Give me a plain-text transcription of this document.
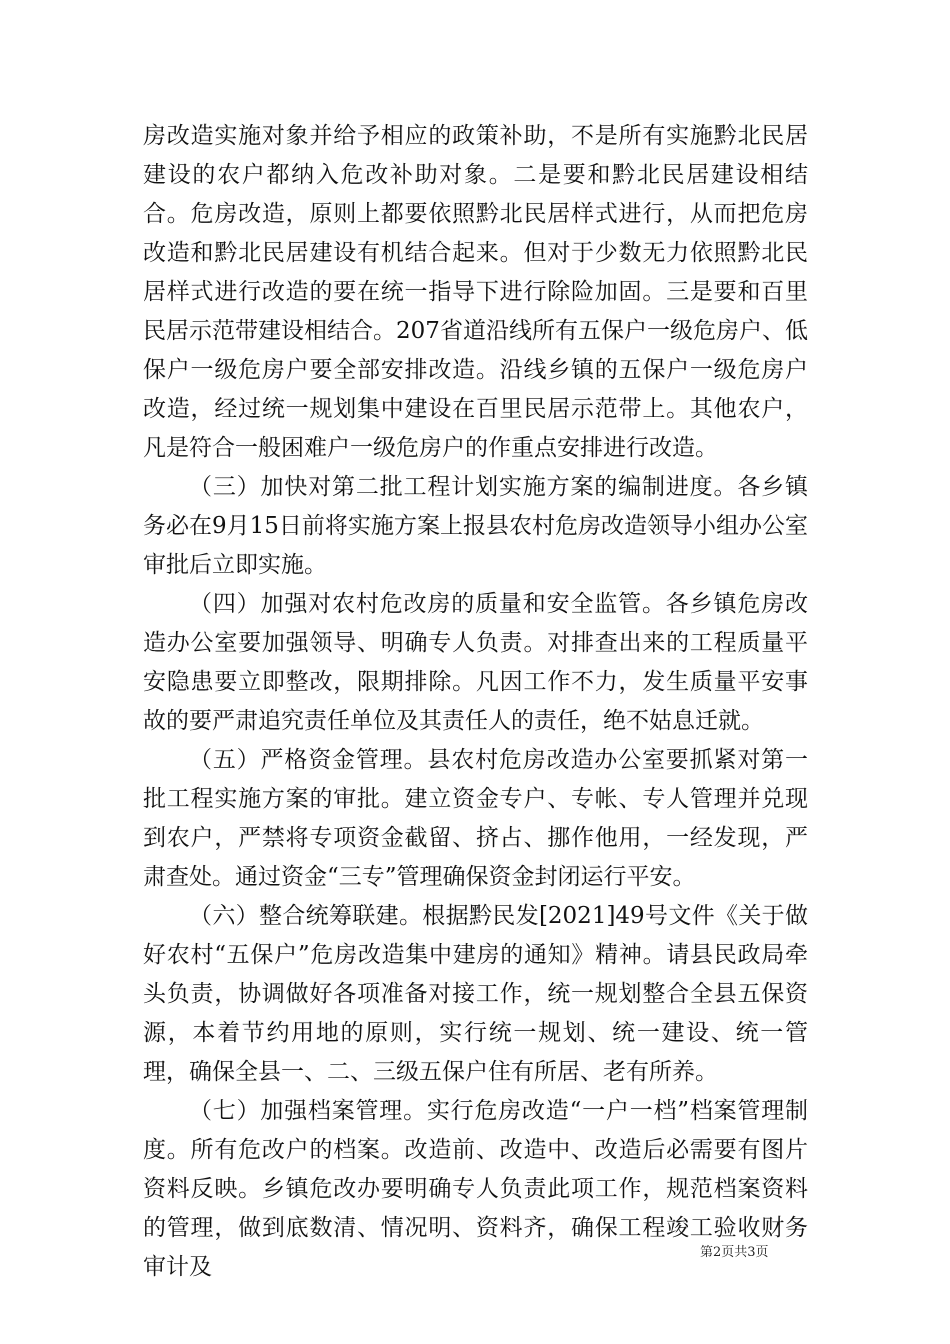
房改造实施对象并给予相应的政策补助，不是所有实施黔北民居建设的农户都纳入危改补助对象。二是要和黔北民居建设相结合。危房改造，原则上都要依照黔北民居样式进行，从而把危房改造和黔北民居建设有机结合起来。但对于少数无力依照黔北民居样式进行改造的要在统一指导下进行除险加固。三是要和百里民居示范带建设相结合。207省道沿线所有五保户一级危房户、低保户一级危房户要全部安排改造。沿线乡镇的五保户一级危房户改造，经过统一规划集中建设在百里民居示范带上。其他农户，凡是符合一般困难户一级危房户的作重点安排进行改造。

（三）加快对第二批工程计划实施方案的编制进度。各乡镇务必在9月15日前将实施方案上报县农村危房改造领导小组办公室审批后立即实施。

（四）加强对农村危改房的质量和安全监管。各乡镇危房改造办公室要加强领导、明确专人负责。对排查出来的工程质量平安隐患要立即整改，限期排除。凡因工作不力，发生质量平安事故的要严肃追究责任单位及其责任人的责任，绝不姑息迁就。

（五）严格资金管理。县农村危房改造办公室要抓紧对第一批工程实施方案的审批。建立资金专户、专帐、专人管理并兑现到农户，严禁将专项资金截留、挤占、挪作他用，一经发现，严肃查处。通过资金“三专”管理确保资金封闭运行平安。

（六）整合统筹联建。根据黔民发[2021]49号文件《关于做好农村“五保户”危房改造集中建房的通知》精神。请县民政局牵头负责，协调做好各项准备对接工作，统一规划整合全县五保资源，本着节约用地的原则，实行统一规划、统一建设、统一管理，确保全县一、二、三级五保户住有所居、老有所养。

（七）加强档案管理。实行危房改造“一户一档”档案管理制度。所有危改户的档案。改造前、改造中、改造后必需要有图片资料反映。乡镇危改办要明确专人负责此项工作，规范档案资料的管理，做到底数清、情况明、资料齐，确保工程竣工验收财务审计及

第2页共3页
